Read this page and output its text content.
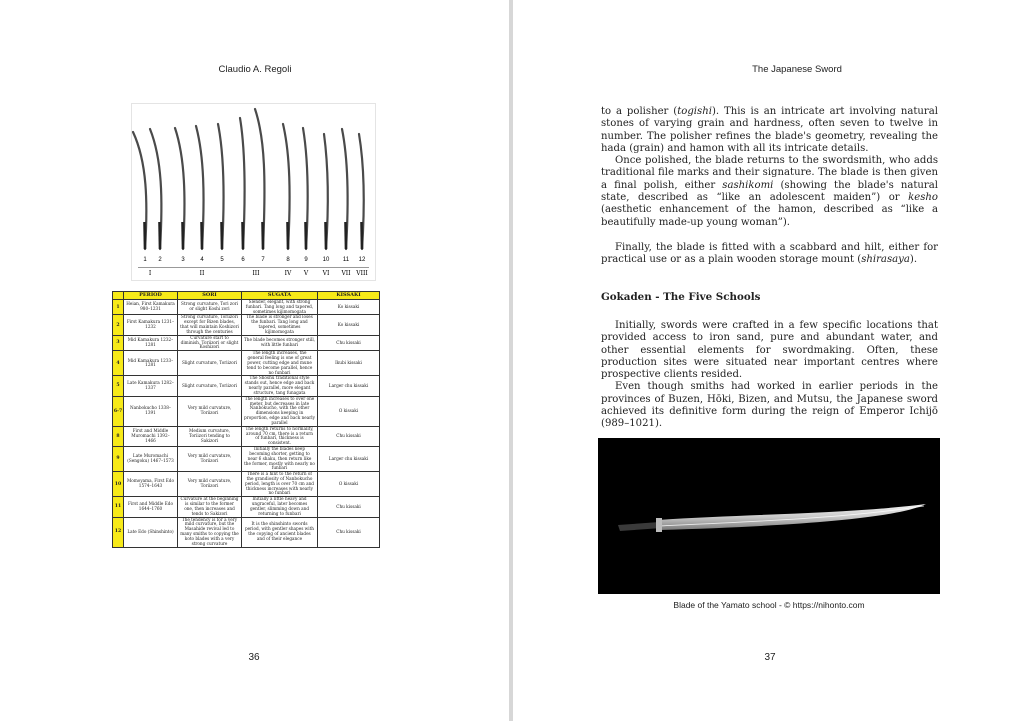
Claudio A. Regoli
36
The Japanese Sword
37
1 2	3	4	5	6	7	8 9 10 11 12
I	II	III	IV V VI VII VIII
	PERIOD	SORI	SUGATA	KISSAKI
1	Heian, First Kamakura 980–1231	Strong curvature, Tori zori or slight Koshi zori	Slender, elegant, with strong funbari. Tang long and tapered, sometimes kijimomogata	Ko kissaki
2	First Kamakura 1231–1232	Strong curvature, Toriizori except for Bizen blades, that will maintain Koshizori through the centuries	The blade is stronger and loses the funbari. Tang long and tapered, sometimes kijimomogata	Ko kissaki
3	Mid Kamakura 1232–1281	Curvature start to diminish, Toriizori or slight Koshizori	The blade becomes stronger still, with little funbari	Chu kissaki
4	Mid Kamakura 1233–1281	Slight curvature, Toriizori	The length increases, the general feeling is one of great power, cutting edge and mune tend to become parallel, hence no funbari	Ikubi kissaki
5	Late Kamakura 1282–1337	Slight curvature, Toriizori	The Shoshu traditional style stands out, hence edge and back nearly parallel, more elegant structure, tang funagata	Larger chu kissaki
6-7	Nanbokucho 1338–1391	Very mild curvature, Toriizori	The length increases to over one meter, but decreases in late Nanbokucho, with the other dimensions keeping in proportion, edge and back nearly parallel	O kissaki
8	First and Middle Muromachi 1392–1466	Medium curvature, Toriizori tending to Sakizori	The length returns to normality, around 70 cm, there is a return of funbari, thickness is consistent.	Chu kissaki
9	Late Muromachi (Sengoku) 1467–1573	Very mild curvature, Toriizori	Initially the blades keep becoming shorter, getting to near 6 shaku, then return like the former, mostly with nearly no funbari	Larger chu kissaki
10	Momoyama, First Edo 1574–1643	Very mild curvature, Toriizori	There is a hint to the return of the grandiosity of Nanbokucho period, length is over 70 cm and thickness increases with nearly no funbari	O kissaki
11	First and Middle Edo 1644–1760	Curvature at the beginning is similar to the former one, then increases and tends to Sakizori	Initially a little heavy and ungraceful, later becomes gentler, slimming down and returning to funbari	Chu kissaki
12	Late Edo (Shinshinto)	The tendency is for a very mild curvature, but the Masahide revival led to many smiths to copying the koto blades with a very strong curvature	It is the shinshinto swords period, with gentler shapes with the copying of ancient blades and of their elegance	Chu kissaki

to a polisher (togishi). This is an intricate art involving natural stones of varying grain and hardness, often seven to twelve in number. The polisher refines the blade's geometry, revealing the hada (grain) and hamon with all its intricate details.

Once polished, the blade returns to the swordsmith, who adds traditional file marks and their signature. The blade is then given a final polish, either sashikomi (showing the blade's natural state, described as “like an adolescent maiden”) or kesho (aesthetic enhancement of the hamon, described as “like a beautifully made-up young woman”).

Finally, the blade is fitted with a scabbard and hilt, either for practical use or as a plain wooden storage mount (shirasaya).

Gokaden - The Five Schools

Initially, swords were crafted in a few specific locations that provided access to iron sand, pure and abundant water, and other essential elements for swordmaking. Often, these production sites were situated near important centres where prospective clients resided.

Even though smiths had worked in earlier periods in the provinces of Buzen, Hōki, Bizen, and Mutsu, the Japanese sword achieved its definitive form during the reign of Emperor Ichijō (989–1021).

Blade of the Yamato school - © https://nihonto.com
